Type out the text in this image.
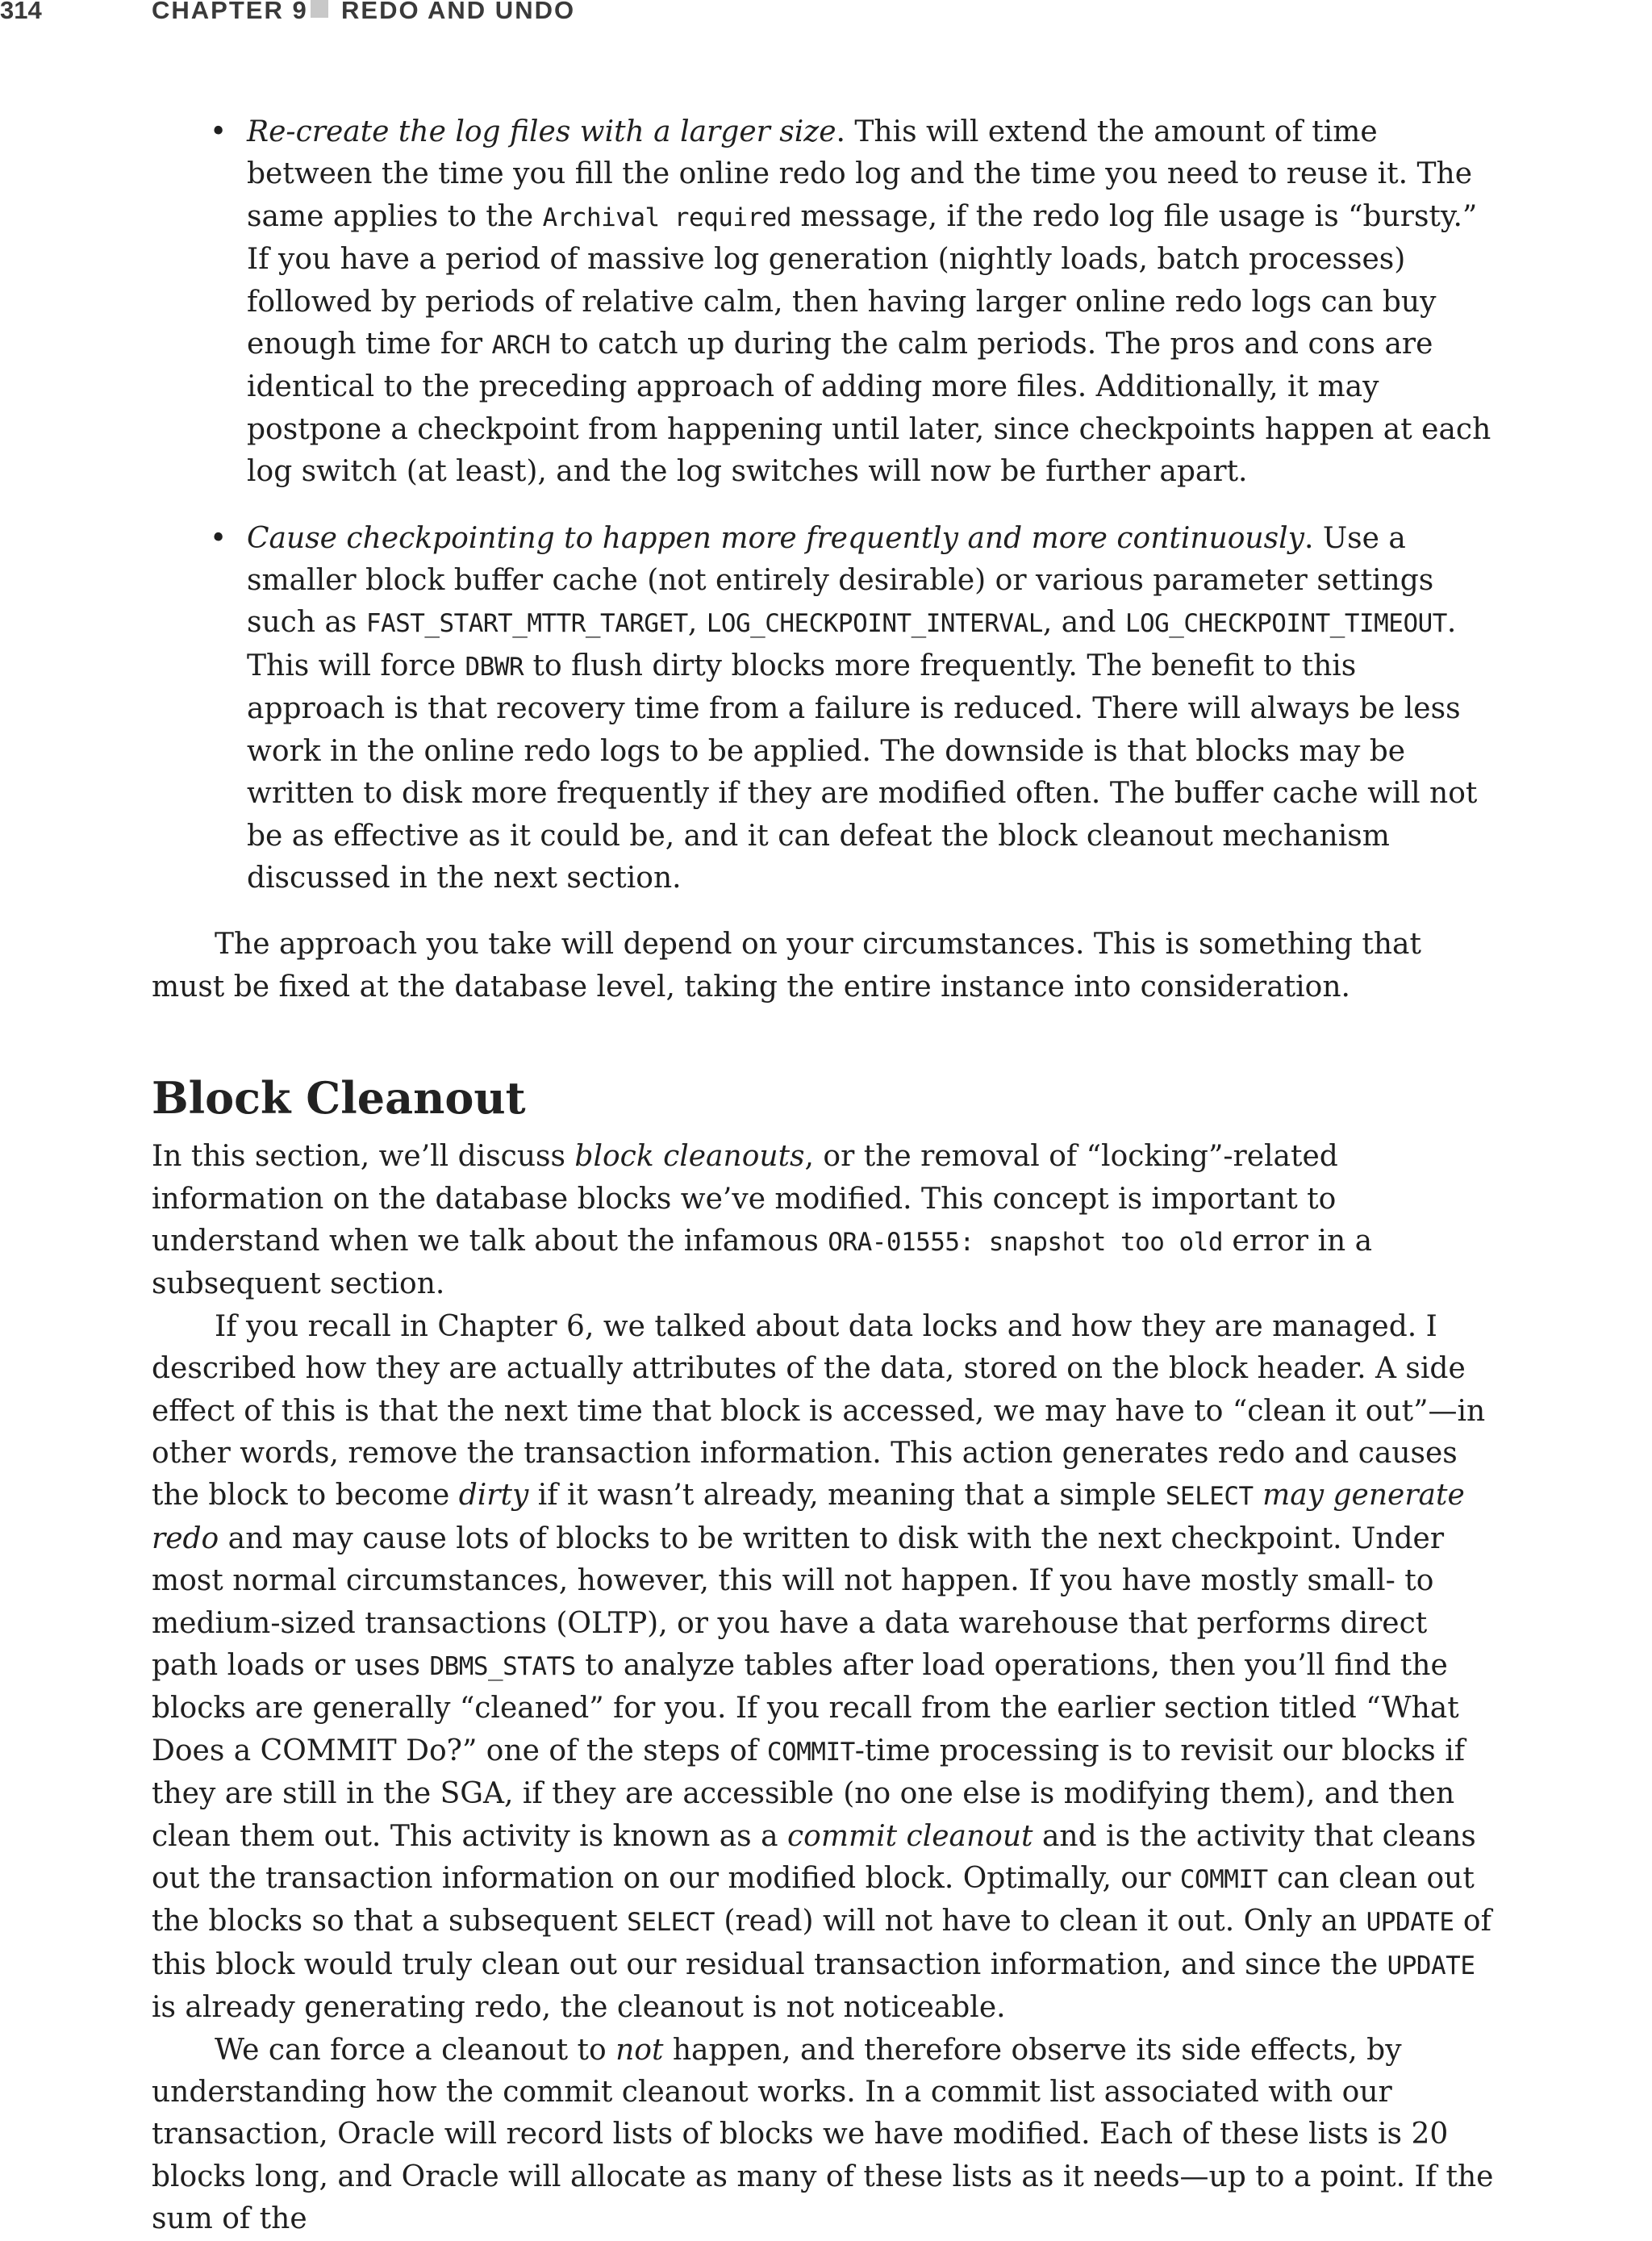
314	CHAPTER 9 REDO AND UNDO
• Re-create the log files with a larger size. This will extend the amount of time between the time you fill the online redo log and the time you need to reuse it. The same applies to the Archival required message, if the redo log file usage is “bursty.” If you have a period of massive log generation (nightly loads, batch processes) followed by periods of relative calm, then having larger online redo logs can buy enough time for ARCH to catch up during the calm periods. The pros and cons are identical to the preceding approach of adding more files. Additionally, it may postpone a checkpoint from happening until later, since checkpoints happen at each log switch (at least), and the log switches will now be further apart.

• Cause checkpointing to happen more frequently and more continuously. Use a smaller block buffer cache (not entirely desirable) or various parameter settings such as FAST_START_MTTR_TARGET, LOG_CHECKPOINT_INTERVAL, and LOG_CHECKPOINT_TIMEOUT. This will force DBWR to flush dirty blocks more frequently. The benefit to this approach is that recovery time from a failure is reduced. There will always be less work in the online redo logs to be applied. The downside is that blocks may be written to disk more frequently if they are modified often. The buffer cache will not be as effective as it could be, and it can defeat the block cleanout mechanism discussed in the next section.

The approach you take will depend on your circumstances. This is something that must be fixed at the database level, taking the entire instance into consideration.

Block Cleanout

In this section, we’ll discuss block cleanouts, or the removal of “locking”-related information on the database blocks we’ve modified. This concept is important to understand when we talk about the infamous ORA-01555: snapshot too old error in a subsequent section.

If you recall in Chapter 6, we talked about data locks and how they are managed. I described how they are actually attributes of the data, stored on the block header. A side effect of this is that the next time that block is accessed, we may have to “clean it out”—in other words, remove the transaction information. This action generates redo and causes the block to become dirty if it wasn’t already, meaning that a simple SELECT may generate redo and may cause lots of blocks to be written to disk with the next checkpoint. Under most normal circumstances, however, this will not happen. If you have mostly small- to medium-sized transactions (OLTP), or you have a data warehouse that performs direct path loads or uses DBMS_STATS to analyze tables after load operations, then you’ll find the blocks are generally “cleaned” for you. If you recall from the earlier section titled “What Does a COMMIT Do?” one of the steps of COMMIT-time processing is to revisit our blocks if they are still in the SGA, if they are accessible (no one else is modifying them), and then clean them out. This activity is known as a commit cleanout and is the activity that cleans out the transaction information on our modified block. Optimally, our COMMIT can clean out the blocks so that a subsequent SELECT (read) will not have to clean it out. Only an UPDATE of this block would truly clean out our residual transaction information, and since the UPDATE is already generating redo, the cleanout is not noticeable.

We can force a cleanout to not happen, and therefore observe its side effects, by understanding how the commit cleanout works. In a commit list associated with our transaction, Oracle will record lists of blocks we have modified. Each of these lists is 20 blocks long, and Oracle will allocate as many of these lists as it needs—up to a point. If the sum of the
